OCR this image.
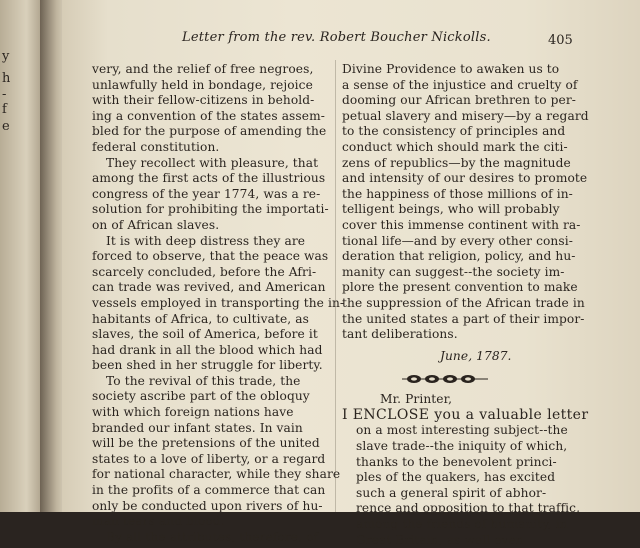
y
h
-
f
e
Letter from the rev. Robert Boucher Nickolls.	405
very, and the relief of free negroes,
unlawfully held in bondage, rejoice
with their fellow-citizens in behold-
ing a convention of the states assem-
bled for the purpose of amending the
federal constitution.
They recollect with pleasure, that
among the first acts of the illustrious
congress of the year 1774, was a re-
solution for prohibiting the importati-
on of African slaves.
It is with deep distress they are
forced to observe, that the peace was
scarcely concluded, before the Afri-
can trade was revived, and American
vessels employed in transporting the in-
habitants of Africa, to cultivate, as
slaves, the soil of America, before it
had drank in all the blood which had
been shed in her struggle for liberty.
To the revival of this trade, the
society ascribe part of the obloquy
with which foreign nations have
branded our infant states. In vain
will be the pretensions of the united
states to a love of liberty, or a regard
for national character, while they share
in the profits of a commerce that can
only be conducted upon rivers of hu-
man tears and blood.
By all the attributes, therefore, of
Divine Providence to awaken us to
a sense of the injustice and cruelty of
dooming our African brethren to per-
petual slavery and misery—by a regard
to the consistency of principles and
conduct which should mark the citi-
zens of republics—by the magnitude
and intensity of our desires to promote
the happiness of those millions of in-
telligent beings, who will probably
cover this immense continent with ra-
tional life—and by every other consi-
deration that religion, policy, and hu-
manity can suggest--the society im-
plore the present convention to make
the suppression of the African trade in
the united states a part of their impor-
tant deliberations.
June, 1787.
Mr. Printer,
I ENCLOSE you a valuable letter
on a most interesting subject--the
slave trade--the iniquity of which,
thanks to the benevolent princi-
ples of the quakers, has excited
such a general spirit of abhor-
rence and opposition to that traffic,
among the friends of humanity, in
Great Britain, as well even
